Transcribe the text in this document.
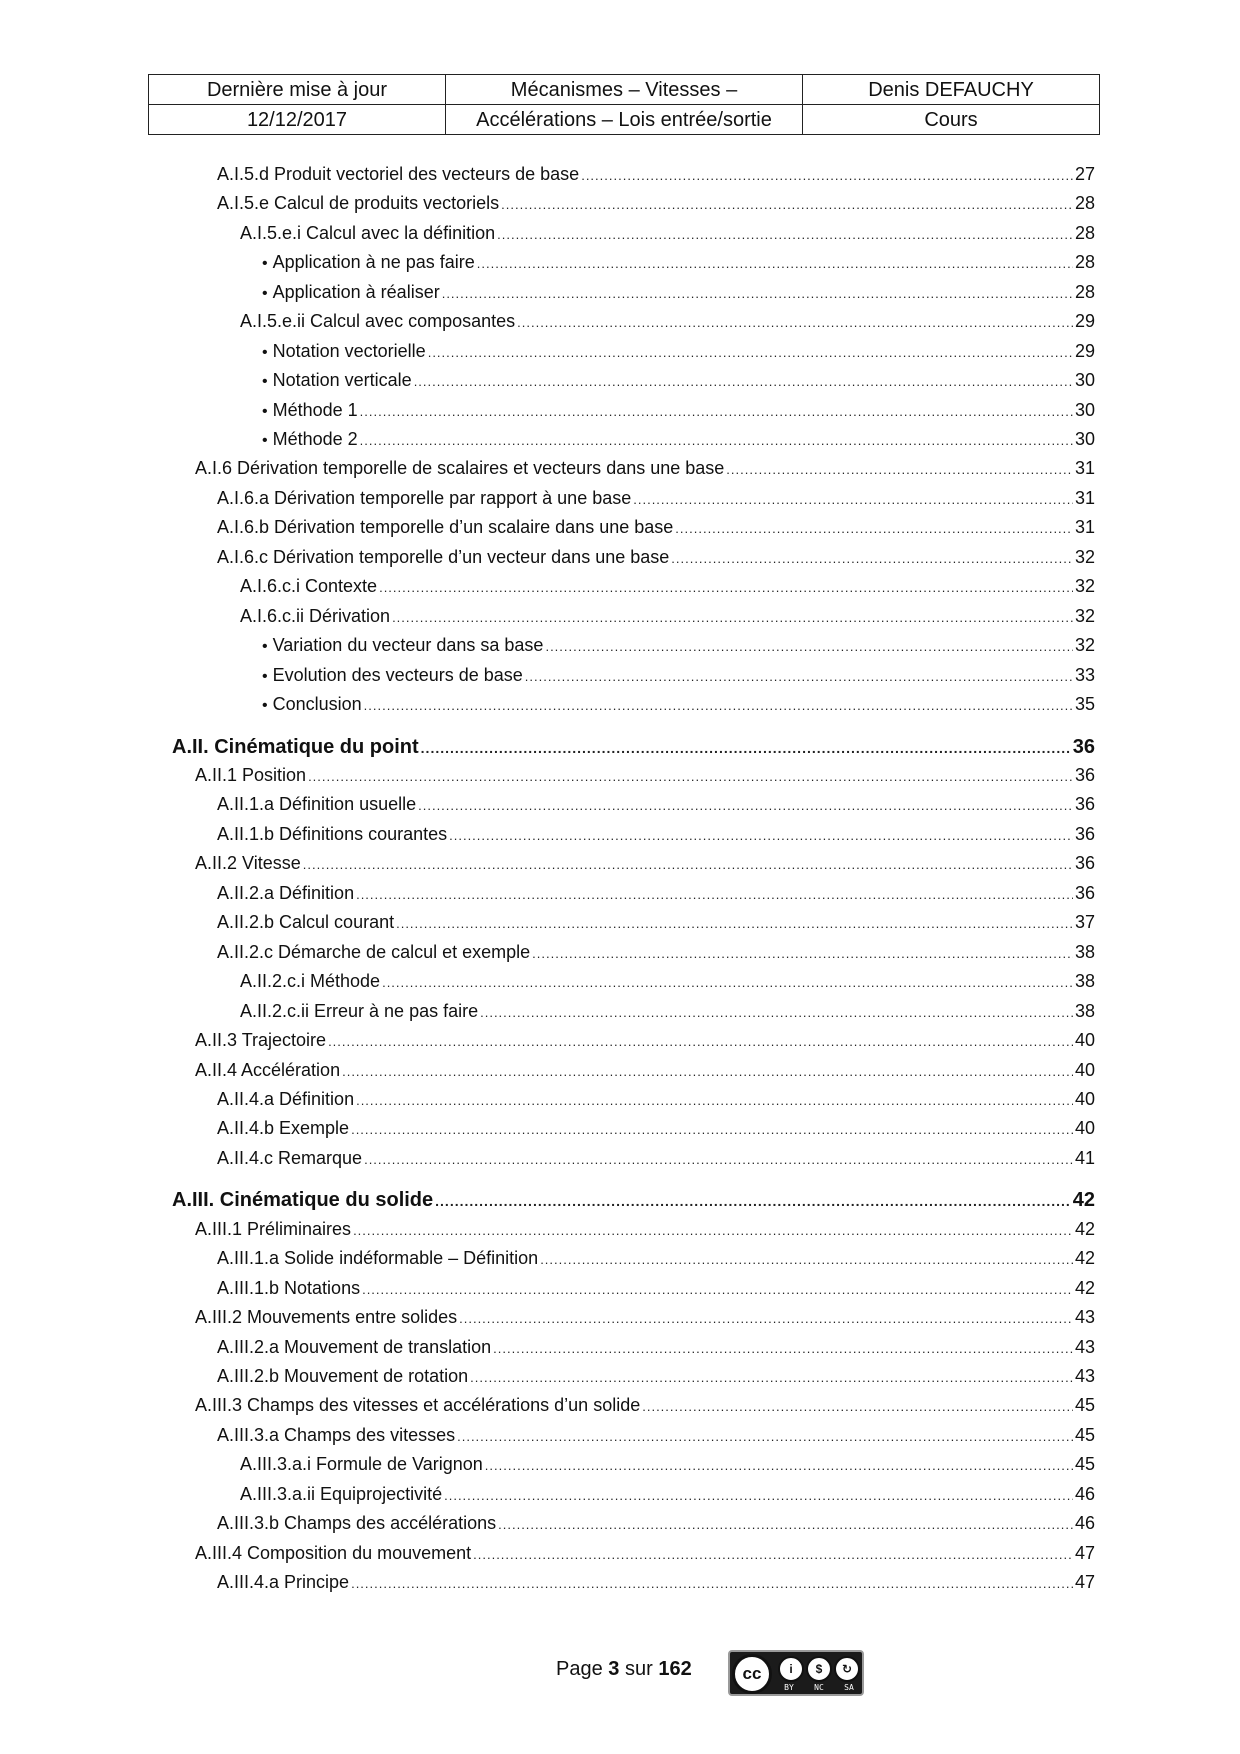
Dernière mise à jour	Mécanismes – Vitesses –	Denis DEFAUCHY
12/12/2017	Accélérations – Lois entrée/sortie	Cours
A.I.5.d Produit vectoriel des vecteurs de base .....	27
A.I.5.e Calcul de produits vectoriels .....	28
A.I.5.e.i Calcul avec la définition .....	28
• Application à ne pas faire .....	28
• Application à réaliser .....	28
A.I.5.e.ii Calcul avec composantes .....	29
• Notation vectorielle .....	29
• Notation verticale .....	30
• Méthode 1 .....	30
• Méthode 2 .....	30
A.I.6 Dérivation temporelle de scalaires et vecteurs dans une base .....	31
A.I.6.a Dérivation temporelle par rapport à une base .....	31
A.I.6.b Dérivation temporelle d’un scalaire dans une base .....	31
A.I.6.c Dérivation temporelle d’un vecteur dans une base .....	32
A.I.6.c.i Contexte .....	32
A.I.6.c.ii Dérivation .....	32
• Variation du vecteur dans sa base .....	32
• Evolution des vecteurs de base .....	33
• Conclusion .....	35
A.II. Cinématique du point .....	36
A.II.1 Position .....	36
A.II.1.a Définition usuelle .....	36
A.II.1.b Définitions courantes .....	36
A.II.2 Vitesse .....	36
A.II.2.a Définition .....	36
A.II.2.b Calcul courant .....	37
A.II.2.c Démarche de calcul et exemple .....	38
A.II.2.c.i Méthode .....	38
A.II.2.c.ii Erreur à ne pas faire .....	38
A.II.3 Trajectoire .....	40
A.II.4 Accélération .....	40
A.II.4.a Définition .....	40
A.II.4.b Exemple .....	40
A.II.4.c Remarque .....	41
A.III. Cinématique du solide .....	42
A.III.1 Préliminaires .....	42
A.III.1.a Solide indéformable – Définition .....	42
A.III.1.b Notations .....	42
A.III.2 Mouvements entre solides .....	43
A.III.2.a Mouvement de translation .....	43
A.III.2.b Mouvement de rotation .....	43
A.III.3 Champs des vitesses et accélérations d’un solide .....	45
A.III.3.a Champs des vitesses .....	45
A.III.3.a.i Formule de Varignon .....	45
A.III.3.a.ii Equiprojectivité .....	46
A.III.3.b Champs des accélérations .....	46
A.III.4 Composition du mouvement .....	47
A.III.4.a Principe .....	47
Page 3 sur 162	cc	i	$	↻
BY	NC	SA
